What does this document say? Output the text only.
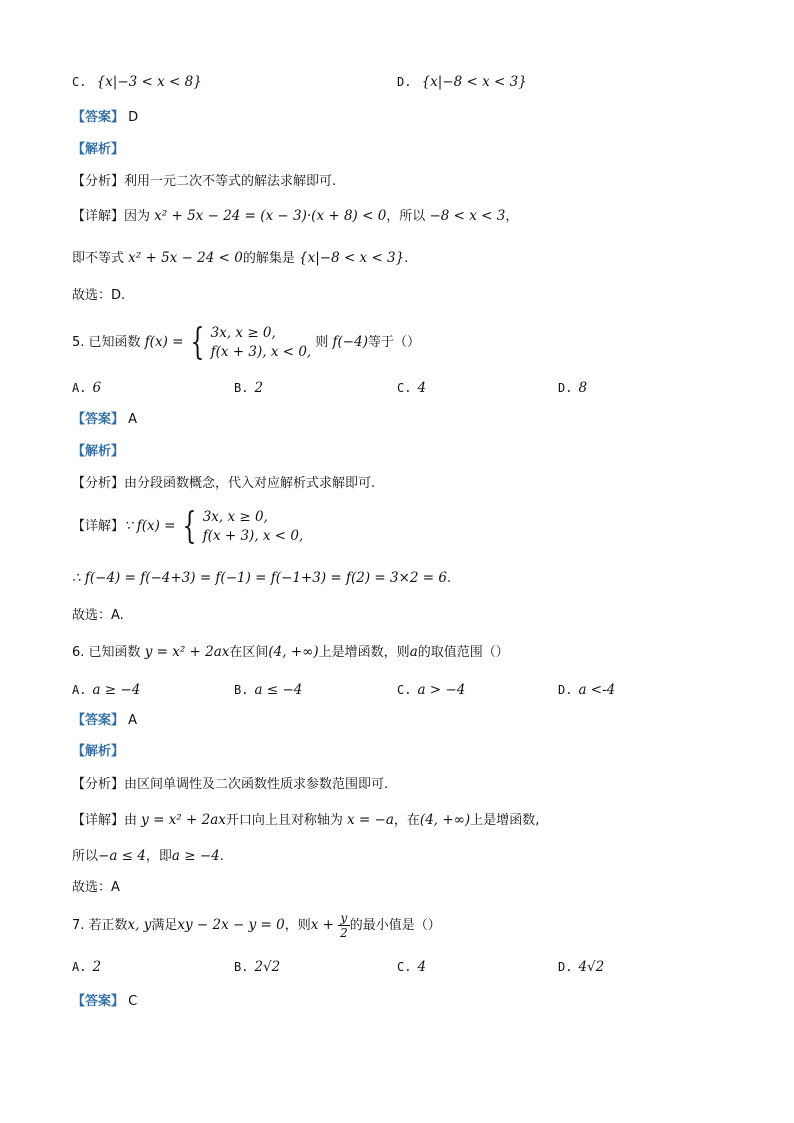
C. {x|−3 < x < 8}	D. {x|−8 < x < 3}
【答案】 D
【解析】
【分析】利用一元二次不等式的解法求解即可.
【详解】因为 x² + 5x − 24 = (x − 3)·(x + 8) < 0，所以 −8 < x < 3，
即不等式 x² + 5x − 24 < 0的解集是 {x|−8 < x < 3}.
故选：D.
5. 已知函数 f(x) = { 3x, x ≥ 0,
f(x + 3), x < 0,
则 f(−4)等于（）
A. 6	B. 2	C. 4	D. 8
【答案】 A
【解析】
【分析】由分段函数概念，代入对应解析式求解即可.
【详解】∵ f(x) = { 3x, x ≥ 0,
f(x + 3), x < 0,
∴ f(−4) = f(−4+3) = f(−1) = f(−1+3) = f(2) = 3×2 = 6.
故选：A.
6. 已知函数 y = x² + 2ax在区间(4, +∞)上是增函数，则a的取值范围（）
A. a ≥ −4	B. a ≤ −4	C. a > −4	D. a <-4
【答案】 A
【解析】
【分析】由区间单调性及二次函数性质求参数范围即可.
【详解】由 y = x² + 2ax开口向上且对称轴为 x = −a，在(4, +∞)上是增函数,
所以−a ≤ 4，即a ≥ −4.
故选：A
7. 若正数x, y满足xy − 2x − y = 0，则$x + \frac{y}{2}$ 的最小值是（）
A. 2	B. 2√2	C. 4	D. 4√2
【答案】 C
